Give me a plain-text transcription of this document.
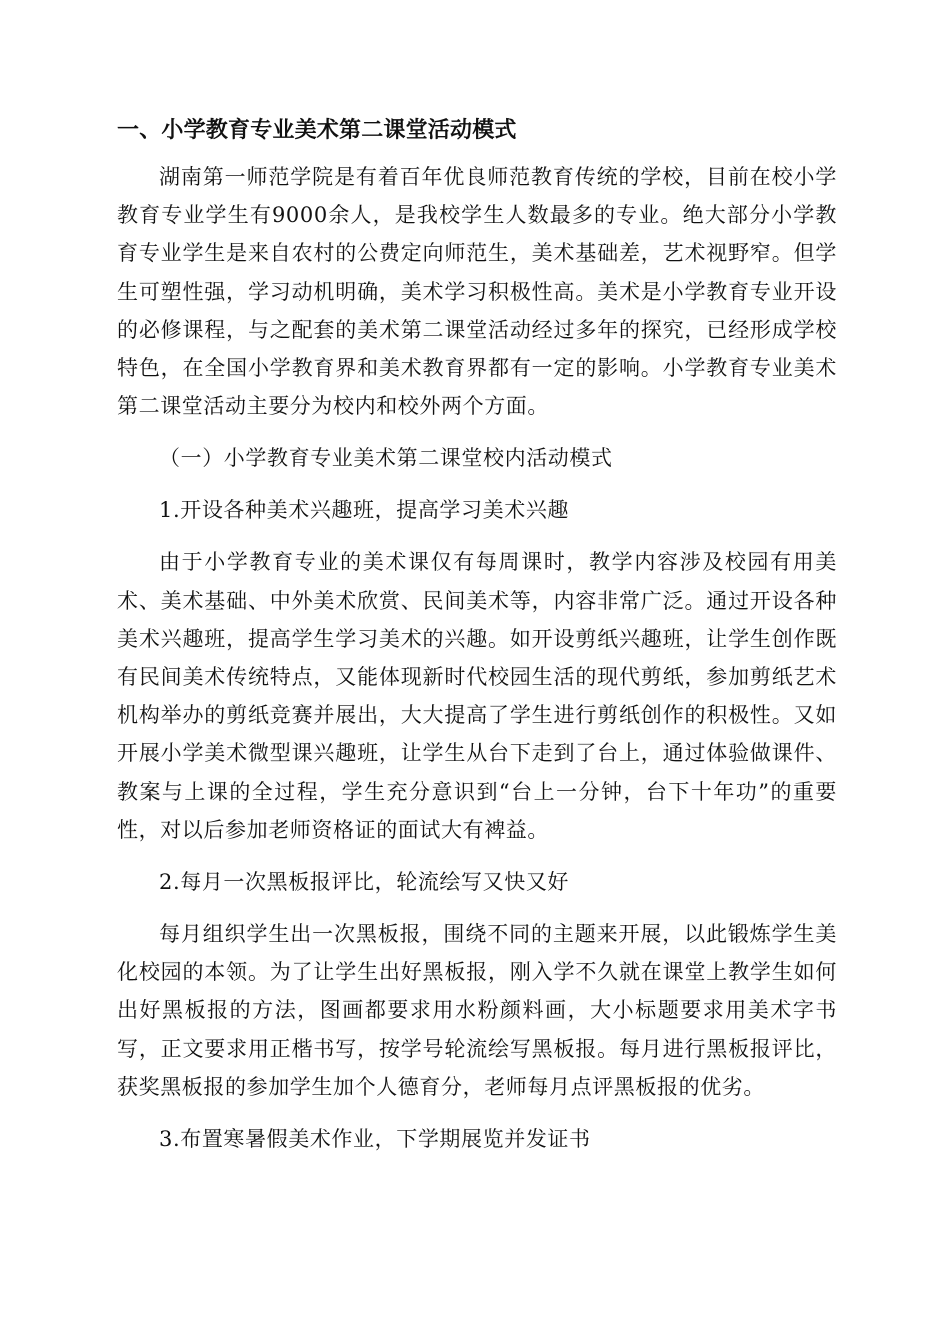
一、小学教育专业美术第二课堂活动模式

湖南第一师范学院是有着百年优良师范教育传统的学校，目前在校小学教育专业学生有9000余人，是我校学生人数最多的专业。绝大部分小学教育专业学生是来自农村的公费定向师范生，美术基础差，艺术视野窄。但学生可塑性强，学习动机明确，美术学习积极性高。美术是小学教育专业开设的必修课程，与之配套的美术第二课堂活动经过多年的探究，已经形成学校特色，在全国小学教育界和美术教育界都有一定的影响。小学教育专业美术第二课堂活动主要分为校内和校外两个方面。

（一）小学教育专业美术第二课堂校内活动模式
1.开设各种美术兴趣班，提高学习美术兴趣

由于小学教育专业的美术课仅有每周课时，教学内容涉及校园有用美术、美术基础、中外美术欣赏、民间美术等，内容非常广泛。通过开设各种美术兴趣班，提高学生学习美术的兴趣。如开设剪纸兴趣班，让学生创作既有民间美术传统特点，又能体现新时代校园生活的现代剪纸，参加剪纸艺术机构举办的剪纸竞赛并展出，大大提高了学生进行剪纸创作的积极性。又如开展小学美术微型课兴趣班，让学生从台下走到了台上，通过体验做课件、教案与上课的全过程，学生充分意识到“台上一分钟，台下十年功”的重要性，对以后参加老师资格证的面试大有裨益。

2.每月一次黑板报评比，轮流绘写又快又好

每月组织学生出一次黑板报，围绕不同的主题来开展，以此锻炼学生美化校园的本领。为了让学生出好黑板报，刚入学不久就在课堂上教学生如何出好黑板报的方法，图画都要求用水粉颜料画，大小标题要求用美术字书写，正文要求用正楷书写，按学号轮流绘写黑板报。每月进行黑板报评比，获奖黑板报的参加学生加个人德育分，老师每月点评黑板报的优劣。

3.布置寒暑假美术作业，下学期展览并发证书
